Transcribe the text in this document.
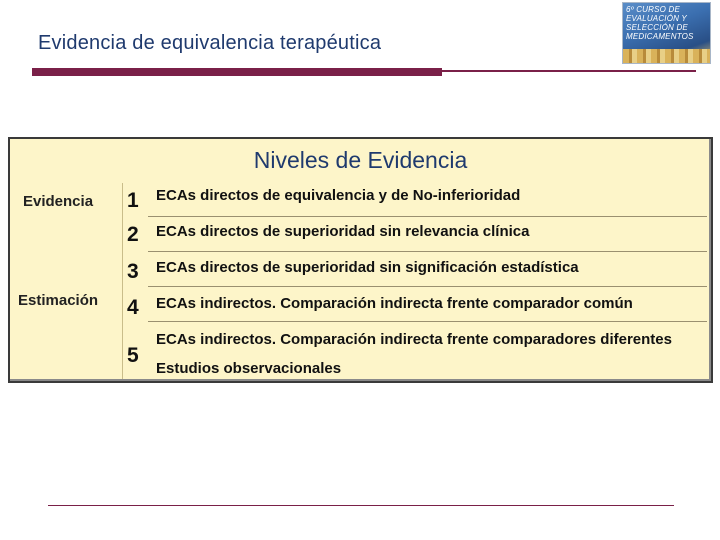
Evidencia de equivalencia terapéutica
6º CURSO DE
EVALUACIÓN Y
SELECCIÓN DE
MEDICAMENTOS
Niveles de Evidencia
Evidencia
Estimación
1 ECAs directos de equivalencia y de No-inferioridad
2 ECAs directos de superioridad sin relevancia clínica
3 ECAs directos de superioridad sin significación estadística
4 ECAs indirectos. Comparación indirecta frente comparador común
ECAs indirectos. Comparación indirecta frente comparadores diferentes
5
Estudios observacionales
